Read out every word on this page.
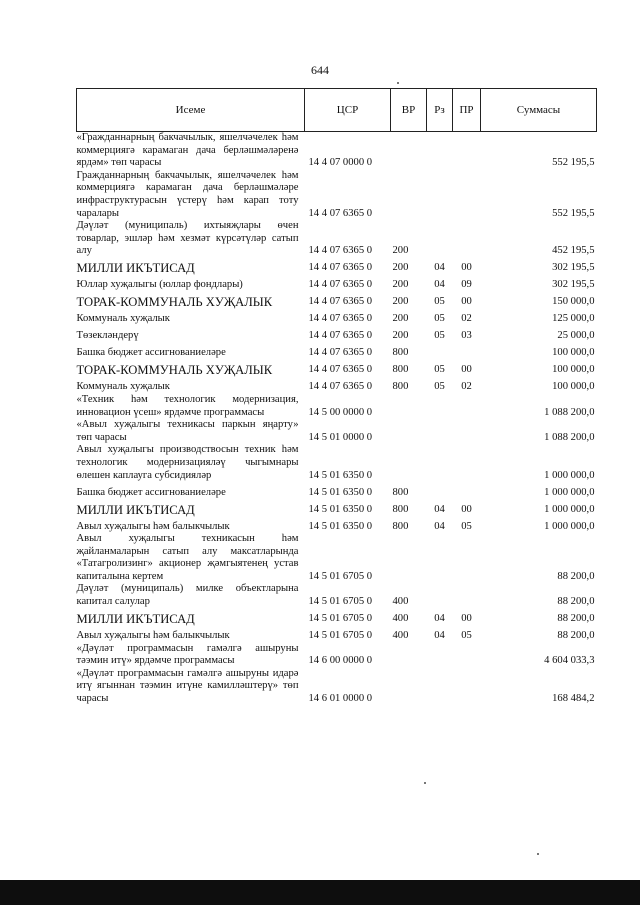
644
Исеме	ЦСР	ВР	Рз	ПР	Суммасы
«Гражданнарның бакчачылык, яшелчәчелек һәм коммерциягә карамаган дача берләшмәләренә ярдәм» төп чарасы	14 4 07 0000 0				552 195,5
Гражданнарның бакчачылык, яшелчәчелек һәм коммерциягә карамаган дача берләшмәләре инфраструктурасын үстерү һәм карап тоту чаралары	14 4 07 6365 0				552 195,5
Дәүләт (муниципаль) ихтыяҗлары өчен товарлар, эшләр һәм хезмәт күрсәтүләр сатып алу	14 4 07 6365 0	200			452 195,5
МИЛЛИ ИКЪТИСАД	14 4 07 6365 0	200	04	00	302 195,5
Юллар хуҗалыгы (юллар фондлары)	14 4 07 6365 0	200	04	09	302 195,5
ТОРАК-КОММУНАЛЬ ХУҖАЛЫК	14 4 07 6365 0	200	05	00	150 000,0
Коммуналь хуҗалык	14 4 07 6365 0	200	05	02	125 000,0
Төзекләндерү	14 4 07 6365 0	200	05	03	25 000,0
Башка бюджет ассигнованиеләре	14 4 07 6365 0	800			100 000,0
ТОРАК-КОММУНАЛЬ ХУҖАЛЫК	14 4 07 6365 0	800	05	00	100 000,0
Коммуналь хуҗалык	14 4 07 6365 0	800	05	02	100 000,0
«Техник һәм технологик модернизация, инновацион үсеш» ярдәмче программасы	14 5 00 0000 0				1 088 200,0
«Авыл хуҗалыгы техникасы паркын яңарту» төп чарасы	14 5 01 0000 0				1 088 200,0
Авыл хуҗалыгы производствосын техник һәм технологик модернизацияләү чыгымнары өлешен каплауга субсидияләр	14 5 01 6350 0				1 000 000,0
Башка бюджет ассигнованиеләре	14 5 01 6350 0	800			1 000 000,0
МИЛЛИ ИКЪТИСАД	14 5 01 6350 0	800	04	00	1 000 000,0
Авыл хуҗалыгы һәм балыкчылык	14 5 01 6350 0	800	04	05	1 000 000,0
Авыл хуҗалыгы техникасын һәм җайланмаларын сатып алу максатларында «Татагролизинг» акционер җәмгыятенең устав капиталына кертем	14 5 01 6705 0				88 200,0
Дәүләт (муниципаль) милке объектларына капитал салулар	14 5 01 6705 0	400			88 200,0
МИЛЛИ ИКЪТИСАД	14 5 01 6705 0	400	04	00	88 200,0
Авыл хуҗалыгы һәм балыкчылык	14 5 01 6705 0	400	04	05	88 200,0
«Дәүләт программасын гамәлгә ашыруны тәэмин итү» ярдәмче программасы	14 6 00 0000 0				4 604 033,3
«Дәүләт программасын гамәлгә ашыруны идарә итү ягыннан тәэмин итүне камилләштерү» төп чарасы	14 6 01 0000 0				168 484,2
